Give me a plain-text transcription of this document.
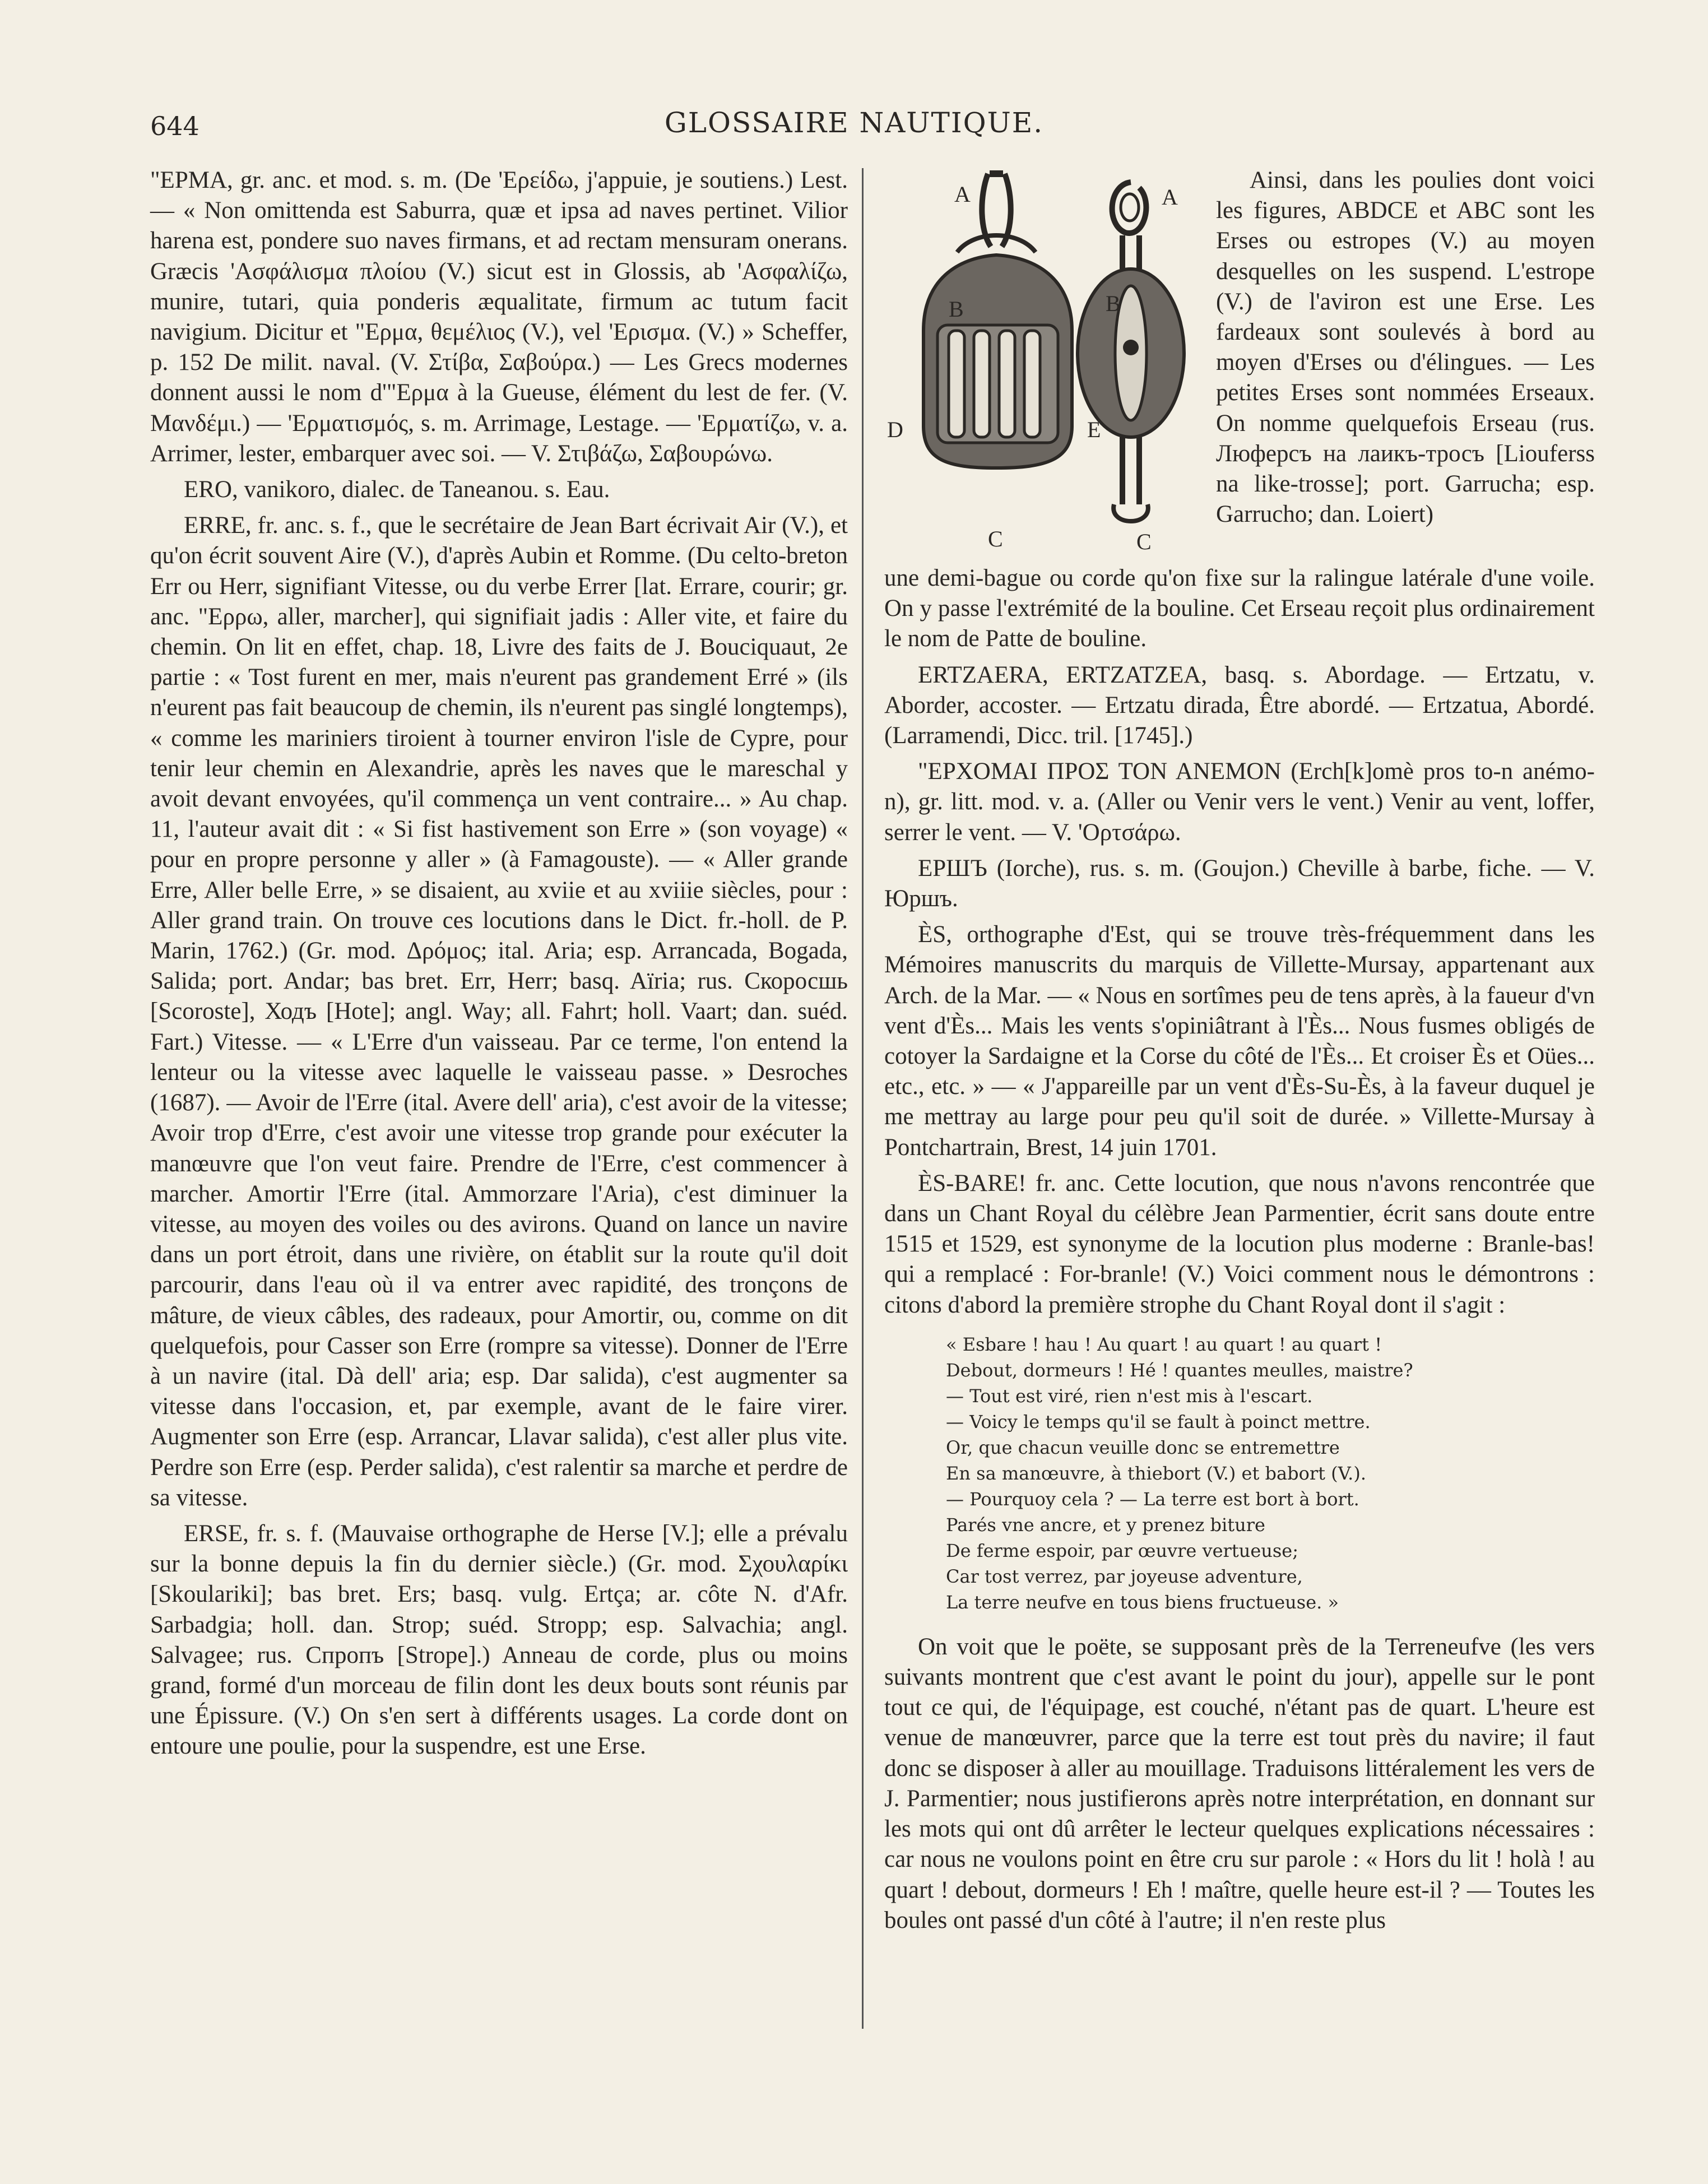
644	GLOSSAIRE NAUTIQUE.

"ΕΡΜΑ, gr. anc. et mod. s. m. (De 'Ερείδω, j'appuie, je soutiens.) Lest. — « Non omittenda est Saburra, quæ et ipsa ad naves pertinet. Vilior harena est, pondere suo naves firmans, et ad rectam mensuram onerans. Græcis 'Ασφάλισμα πλοίου (V.) sicut est in Glossis, ab 'Ασφαλίζω, munire, tutari, quia ponderis æqualitate, firmum ac tutum facit navigium. Dicitur et "Ερμα, θεμέλιος (V.), vel 'Ερισμα. (V.) » Scheffer, p. 152 De milit. naval. (V. Στίβα, Σαβούρα.) — Les Grecs modernes donnent aussi le nom d'"Ερμα à la Gueuse, élément du lest de fer. (V. Μανδέμι.) — 'Ερματισμός, s. m. Arrimage, Lestage. — 'Ερματίζω, v. a. Arrimer, lester, embarquer avec soi. — V. Στιβάζω, Σαβουρώνω.

ERO, vanikoro, dialec. de Taneanou. s. Eau.

ERRE, fr. anc. s. f., que le secrétaire de Jean Bart écrivait Air (V.), et qu'on écrit souvent Aire (V.), d'après Aubin et Romme. (Du celto-breton Err ou Herr, signifiant Vitesse, ou du verbe Errer [lat. Errare, courir; gr. anc. "Ερρω, aller, marcher], qui signifiait jadis : Aller vite, et faire du chemin. On lit en effet, chap. 18, Livre des faits de J. Bouciquaut, 2e partie : « Tost furent en mer, mais n'eurent pas grandement Erré » (ils n'eurent pas fait beaucoup de chemin, ils n'eurent pas singlé longtemps), « comme les mariniers tiroient à tourner environ l'isle de Cypre, pour tenir leur chemin en Alexandrie, après les naves que le mareschal y avoit devant envoyées, qu'il commença un vent contraire... » Au chap. 11, l'auteur avait dit : « Si fist hastivement son Erre » (son voyage) « pour en propre personne y aller » (à Famagouste). — « Aller grande Erre, Aller belle Erre, » se disaient, au xviie et au xviiie siècles, pour : Aller grand train. On trouve ces locutions dans le Dict. fr.-holl. de P. Marin, 1762.) (Gr. mod. Δρόμος; ital. Aria; esp. Arrancada, Bogada, Salida; port. Andar; bas bret. Err, Herr; basq. Aïria; rus. Скоросшь [Scoroste], Ходъ [Hote]; angl. Way; all. Fahrt; holl. Vaart; dan. suéd. Fart.) Vitesse. — « L'Erre d'un vaisseau. Par ce terme, l'on entend la lenteur ou la vitesse avec laquelle le vaisseau passe. » Desroches (1687). — Avoir de l'Erre (ital. Avere dell' aria), c'est avoir de la vitesse; Avoir trop d'Erre, c'est avoir une vitesse trop grande pour exécuter la manœuvre que l'on veut faire. Prendre de l'Erre, c'est commencer à marcher. Amortir l'Erre (ital. Ammorzare l'Aria), c'est diminuer la vitesse, au moyen des voiles ou des avirons. Quand on lance un navire dans un port étroit, dans une rivière, on établit sur la route qu'il doit parcourir, dans l'eau où il va entrer avec rapidité, des tronçons de mâture, de vieux câbles, des radeaux, pour Amortir, ou, comme on dit quelquefois, pour Casser son Erre (rompre sa vitesse). Donner de l'Erre à un navire (ital. Dà dell' aria; esp. Dar salida), c'est augmenter sa vitesse dans l'occasion, et, par exemple, avant de le faire virer. Augmenter son Erre (esp. Arrancar, Llavar salida), c'est aller plus vite. Perdre son Erre (esp. Perder salida), c'est ralentir sa marche et perdre de sa vitesse.

ERSE, fr. s. f. (Mauvaise orthographe de Herse [V.]; elle a prévalu sur la bonne depuis la fin du dernier siècle.) (Gr. mod. Σχουλαρίκι [Skoulariki]; bas bret. Ers; basq. vulg. Ertça; ar. côte N. d'Afr. Sarbadgia; holl. dan. Strop; suéd. Stropp; esp. Salvachia; angl. Salvagee; rus. Спропъ [Strope].) Anneau de corde, plus ou moins grand, formé d'un morceau de filin dont les deux bouts sont réunis par une Épissure. (V.) On s'en sert à différents usages. La corde dont on entoure une poulie, pour la suspendre, est une Erse.

A	A
B	B
D	E
C	C

Ainsi, dans les poulies dont voici les figures, ABDCE et ABC sont les Erses ou estropes (V.) au moyen desquelles on les suspend. L'estrope (V.) de l'aviron est une Erse. Les fardeaux sont soulevés à bord au moyen d'Erses ou d'élingues. — Les petites Erses sont nommées Erseaux. On nomme quelquefois Erseau (rus. Люферсъ на лаикъ-тросъ [Liouferss na like-trosse]; port. Garrucha; esp. Garrucho; dan. Loiert)

une demi-bague ou corde qu'on fixe sur la ralingue latérale d'une voile. On y passe l'extrémité de la bouline. Cet Erseau reçoit plus ordinairement le nom de Patte de bouline.

ERTZAERA, ERTZATZEA, basq. s. Abordage. — Ertzatu, v. Aborder, accoster. — Ertzatu dirada, Être abordé. — Ertzatua, Abordé. (Larramendi, Dicc. tril. [1745].)

"ΕΡΧΟΜΑΙ ΠΡΟΣ ΤΟΝ ΑΝΕΜΟΝ (Erch[k]omè pros to-n anémo-n), gr. litt. mod. v. a. (Aller ou Venir vers le vent.) Venir au vent, loffer, serrer le vent. — V. 'Ορτσάρω.

ЕРШЪ (Iorche), rus. s. m. (Goujon.) Cheville à barbe, fiche. — V. Юршъ.

ÈS, orthographe d'Est, qui se trouve très-fréquemment dans les Mémoires manuscrits du marquis de Villette-Mursay, appartenant aux Arch. de la Mar. — « Nous en sortîmes peu de tens après, à la faueur d'vn vent d'Ès... Mais les vents s'opiniâtrant à l'Ès... Nous fusmes obligés de cotoyer la Sardaigne et la Corse du côté de l'Ès... Et croiser Ès et Oües... etc., etc. » — « J'appareille par un vent d'Ès-Su-Ès, à la faveur duquel je me mettray au large pour peu qu'il soit de durée. » Villette-Mursay à Pontchartrain, Brest, 14 juin 1701.

ÈS-BARE! fr. anc. Cette locution, que nous n'avons rencontrée que dans un Chant Royal du célèbre Jean Parmentier, écrit sans doute entre 1515 et 1529, est synonyme de la locution plus moderne : Branle-bas! qui a remplacé : For-branle! (V.) Voici comment nous le démontrons : citons d'abord la première strophe du Chant Royal dont il s'agit :

« Esbare ! hau ! Au quart ! au quart ! au quart !
Debout, dormeurs ! Hé ! quantes meulles, maistre?
— Tout est viré, rien n'est mis à l'escart.
— Voicy le temps qu'il se fault à poinct mettre.
Or, que chacun veuille donc se entremettre
En sa manœuvre, à thiebort (V.) et babort (V.).
— Pourquoy cela ? — La terre est bort à bort.
Parés vne ancre, et y prenez biture
De ferme espoir, par œuvre vertueuse;
Car tost verrez, par joyeuse adventure,
La terre neufve en tous biens fructueuse. »

On voit que le poëte, se supposant près de la Terreneufve (les vers suivants montrent que c'est avant le point du jour), appelle sur le pont tout ce qui, de l'équipage, est couché, n'étant pas de quart. L'heure est venue de manœuvrer, parce que la terre est tout près du navire; il faut donc se disposer à aller au mouillage. Traduisons littéralement les vers de J. Parmentier; nous justifierons après notre interprétation, en donnant sur les mots qui ont dû arrêter le lecteur quelques explications nécessaires : car nous ne voulons point en être cru sur parole : « Hors du lit ! holà ! au quart ! debout, dormeurs ! Eh ! maître, quelle heure est-il ? — Toutes les boules ont passé d'un côté à l'autre; il n'en reste plus
